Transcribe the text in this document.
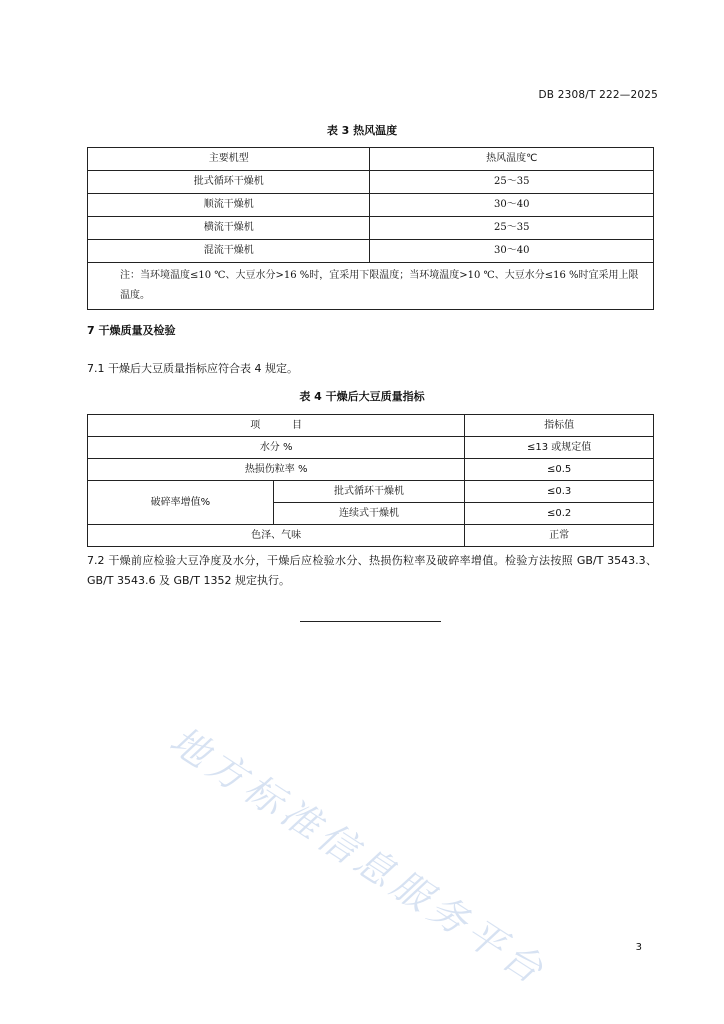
DB 2308/T 222—2025
表 3 热风温度
主要机型	热风温度℃
批式循环干燥机	25～35
顺流干燥机	30～40
横流干燥机	25～35
混流干燥机	30～40
注：当环境温度≤10 ℃、大豆水分>16 %时，宜采用下限温度；当环境温度>10 ℃、大豆水分≤16 %时宜采用上限温度。	
7 干燥质量及检验
7.1 干燥后大豆质量指标应符合表 4 规定。
表 4 干燥后大豆质量指标
项          目		指标值
水分 %		≤13 或规定值
热损伤粒率 %		≤0.5
破碎率增值%	批式循环干燥机	≤0.3
	连续式干燥机	≤0.2
色泽、气味		正常
7.2 干燥前应检验大豆净度及水分，干燥后应检验水分、热损伤粒率及破碎率增值。检验方法按照 GB/T 3543.3、GB/T 3543.6 及 GB/T 1352 规定执行。
地方标准信息服务平台	3
